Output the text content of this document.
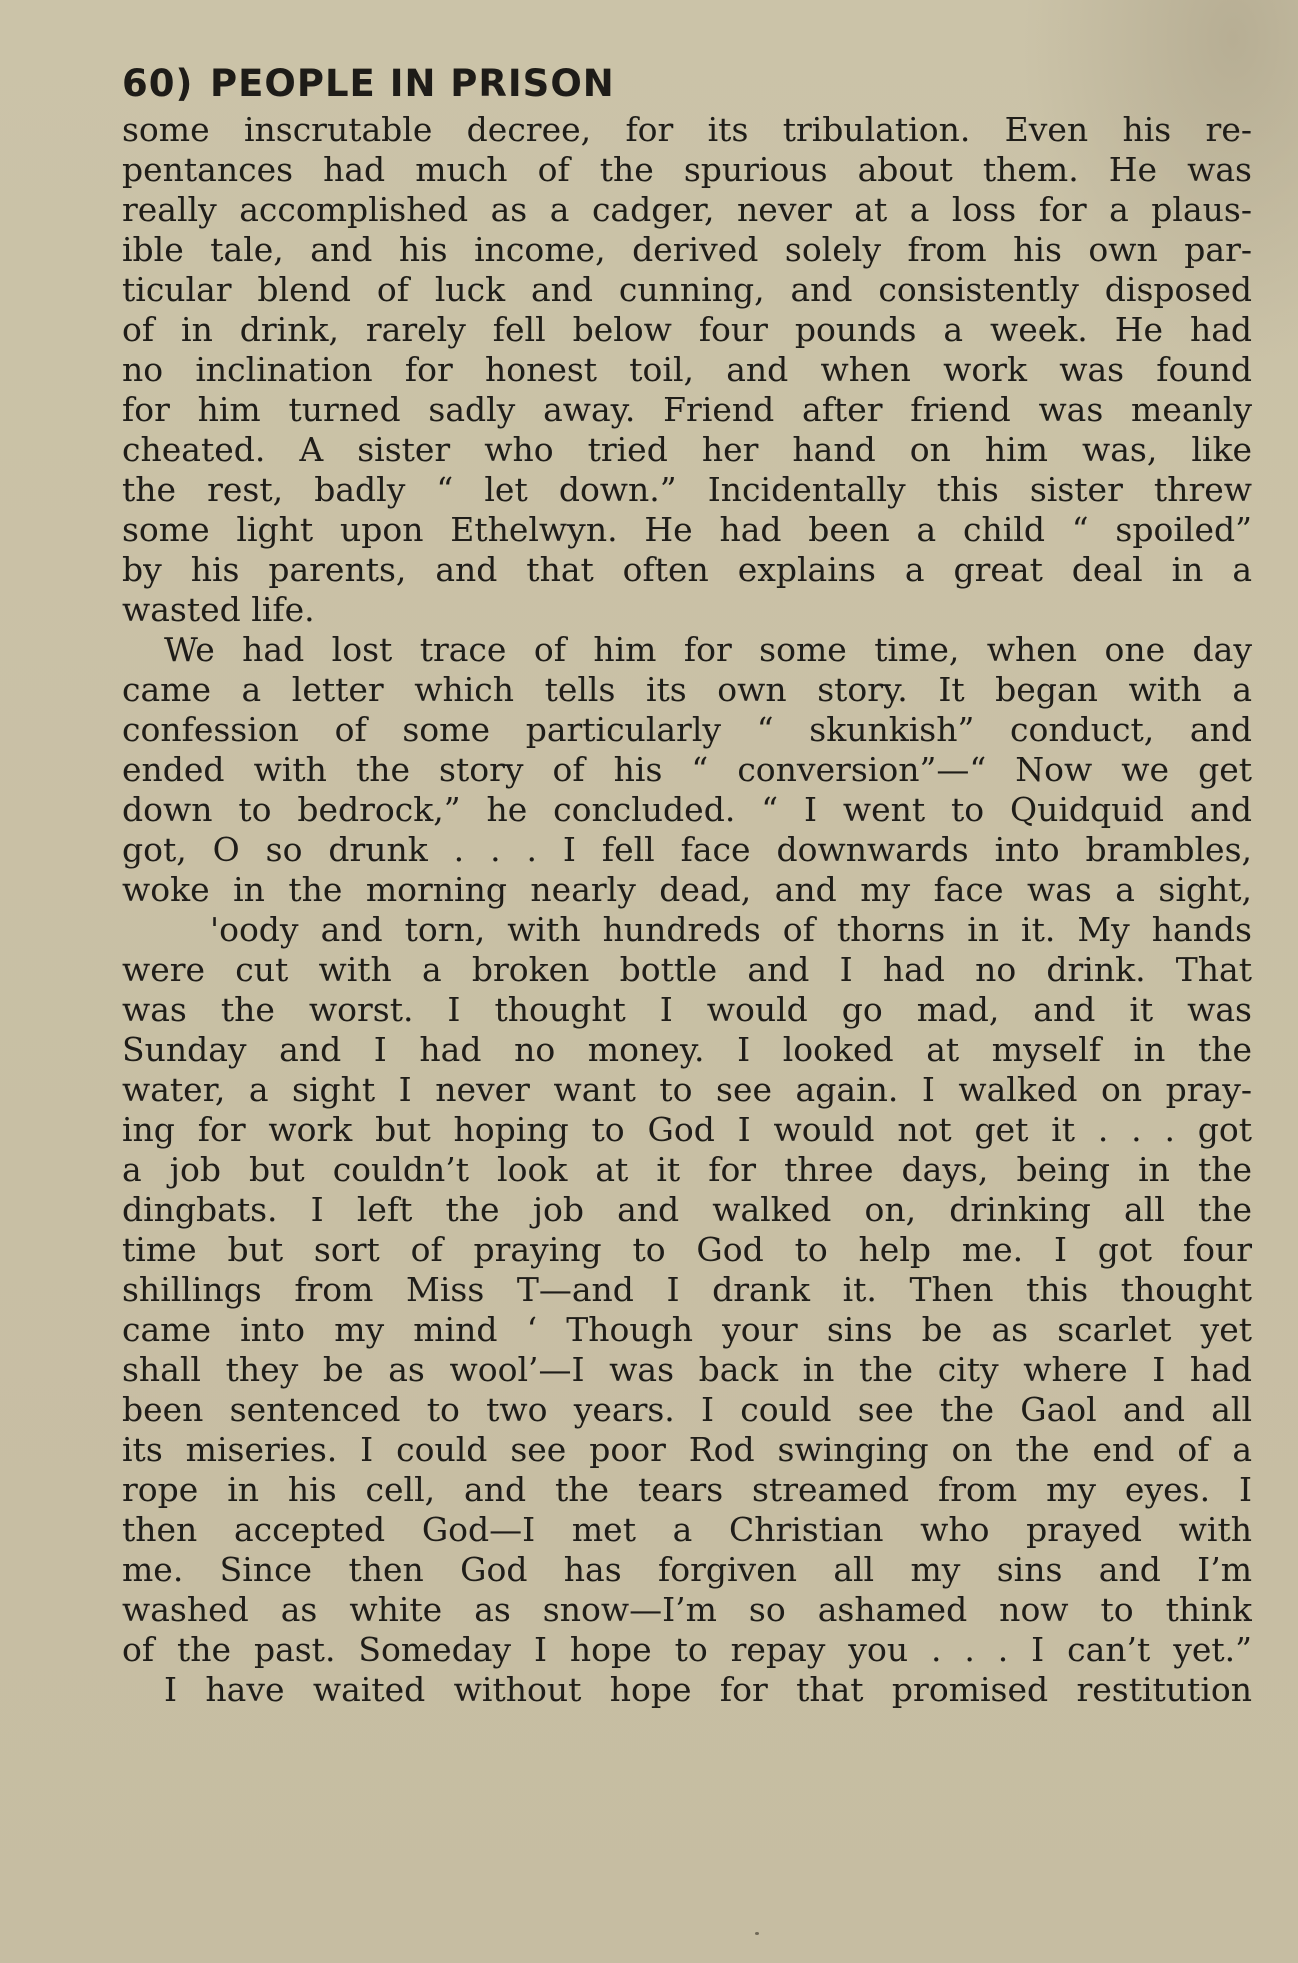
60) PEOPLE IN PRISON
some inscrutable decree, for its tribulation. Even his re-
pentances had much of the spurious about them. He was
really accomplished as a cadger, never at a loss for a plaus-
ible tale, and his income, derived solely from his own par-
ticular blend of luck and cunning, and consistently disposed
of in drink, rarely fell below four pounds a week. He had
no inclination for honest toil, and when work was found
for him turned sadly away. Friend after friend was meanly
cheated. A sister who tried her hand on him was, like
the rest, badly “ let down.” Incidentally this sister threw
some light upon Ethelwyn. He had been a child “ spoiled”
by his parents, and that often explains a great deal in a
wasted life.
We had lost trace of him for some time, when one day
came a letter which tells its own story. It began with a
confession of some particularly “ skunkish” conduct, and
ended with the story of his “ conversion”—“ Now we get
down to bedrock,” he concluded. “ I went to Quidquid and
got, O so drunk . . . I fell face downwards into brambles,
woke in the morning nearly dead, and my face was a sight,
'oody and torn, with hundreds of thorns in it. My hands
were cut with a broken bottle and I had no drink. That
was the worst. I thought I would go mad, and it was
Sunday and I had no money. I looked at myself in the
water, a sight I never want to see again. I walked on pray-
ing for work but hoping to God I would not get it . . . got
a job but couldn’t look at it for three days, being in the
dingbats. I left the job and walked on, drinking all the
time but sort of praying to God to help me. I got four
shillings from Miss T—and I drank it. Then this thought
came into my mind ‘ Though your sins be as scarlet yet
shall they be as wool’—I was back in the city where I had
been sentenced to two years. I could see the Gaol and all
its miseries. I could see poor Rod swinging on the end of a
rope in his cell, and the tears streamed from my eyes. I
then accepted God—I met a Christian who prayed with
me. Since then God has forgiven all my sins and I’m
washed as white as snow—I’m so ashamed now to think
of the past. Someday I hope to repay you . . . I can’t yet.”
I have waited without hope for that promised restitution
